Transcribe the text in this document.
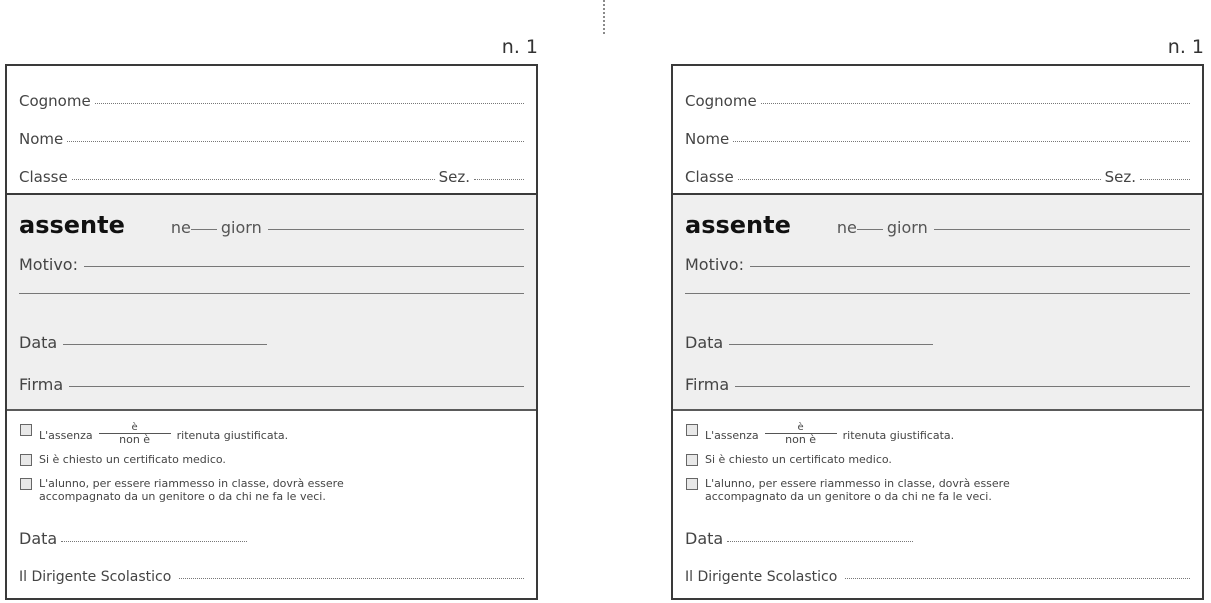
n. 1
Cognome
Nome
Classe	Sez.
assente	ne giorn
Motivo:
Data
Firma
L'assenza $\frac{è}{\text{non è}}$ ritenuta giustificata.
Si è chiesto un certificato medico.
L'alunno, per essere riammesso in classe, dovrà essere
accompagnato da un genitore o da chi ne fa le veci.
Data
Il Dirigente Scolastico
n. 1
Cognome
Nome
Classe	Sez.
assente	ne giorn
Motivo:
Data
Firma
L'assenza $\frac{è}{\text{non è}}$ ritenuta giustificata.
Si è chiesto un certificato medico.
L'alunno, per essere riammesso in classe, dovrà essere
accompagnato da un genitore o da chi ne fa le veci.
Data
Il Dirigente Scolastico
